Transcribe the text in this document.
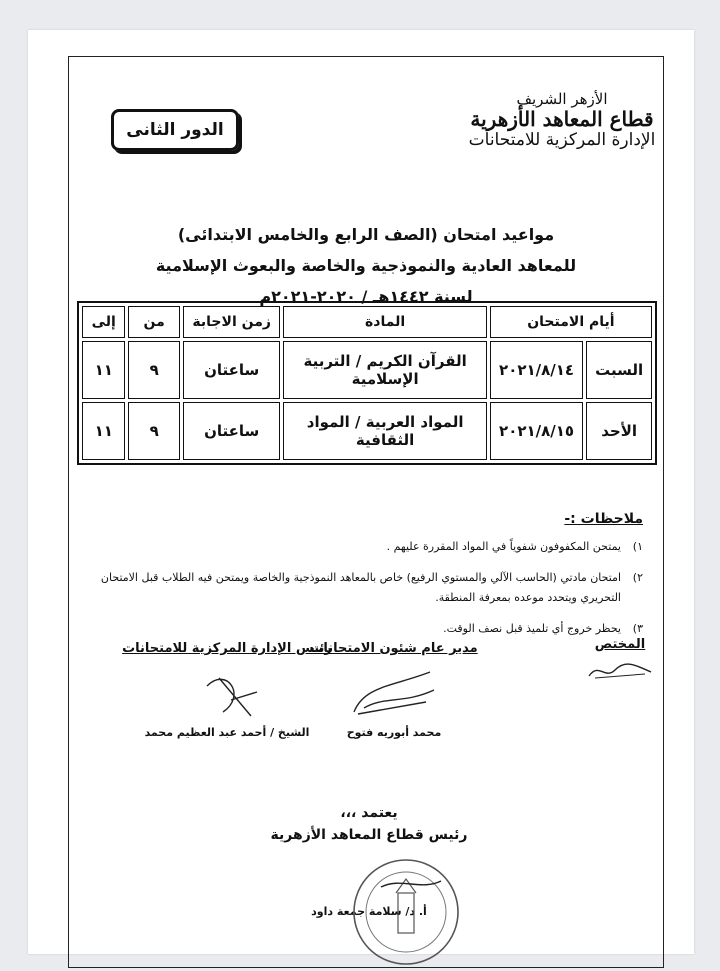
الأزهر الشريف
قطاع المعاهد الأزهرية
الإدارة المركزية للامتحانات
الدور الثانى
مواعيد امتحان (الصف الرابع والخامس الابتدائى)
للمعاهد العادية والنموذجية والخاصة والبعوث الإسلامية
لسنة ١٤٤٢هـ / ٢٠٢٠-٢٠٢١م
أيام الامتحان		المادة	زمن الاجابة	من	إلى
السبت	٢٠٢١/٨/١٤	القرآن الكريم / التربية الإسلامية	ساعتان	٩	١١
الأحد	٢٠٢١/٨/١٥	المواد العربية / المواد الثقافية	ساعتان	٩	١١
ملاحظات :-
١)
يمتحن المكفوفون شفوياً في المواد المقررة عليهم .
٢)
امتحان مادتي (الحاسب الآلي والمستوي الرفيع) خاص بالمعاهد النموذجية والخاصة ويمتحن فيه الطلاب قبل الامتحان التحريري ويتحدد موعده بمعرفة المنطقة.
٣)
يحظر خروج أي تلميذ قبل نصف الوقت.
المختص
مدير عام شئون الامتحانات
محمد أبوريه فتوح
رئيس الإدارة المركزية للامتحانات
الشيخ / أحمد عبد العظيم محمد
يعتمد ،،،
رئيس قطاع المعاهد الأزهرية
أ. د/ سلامة جمعة داود
